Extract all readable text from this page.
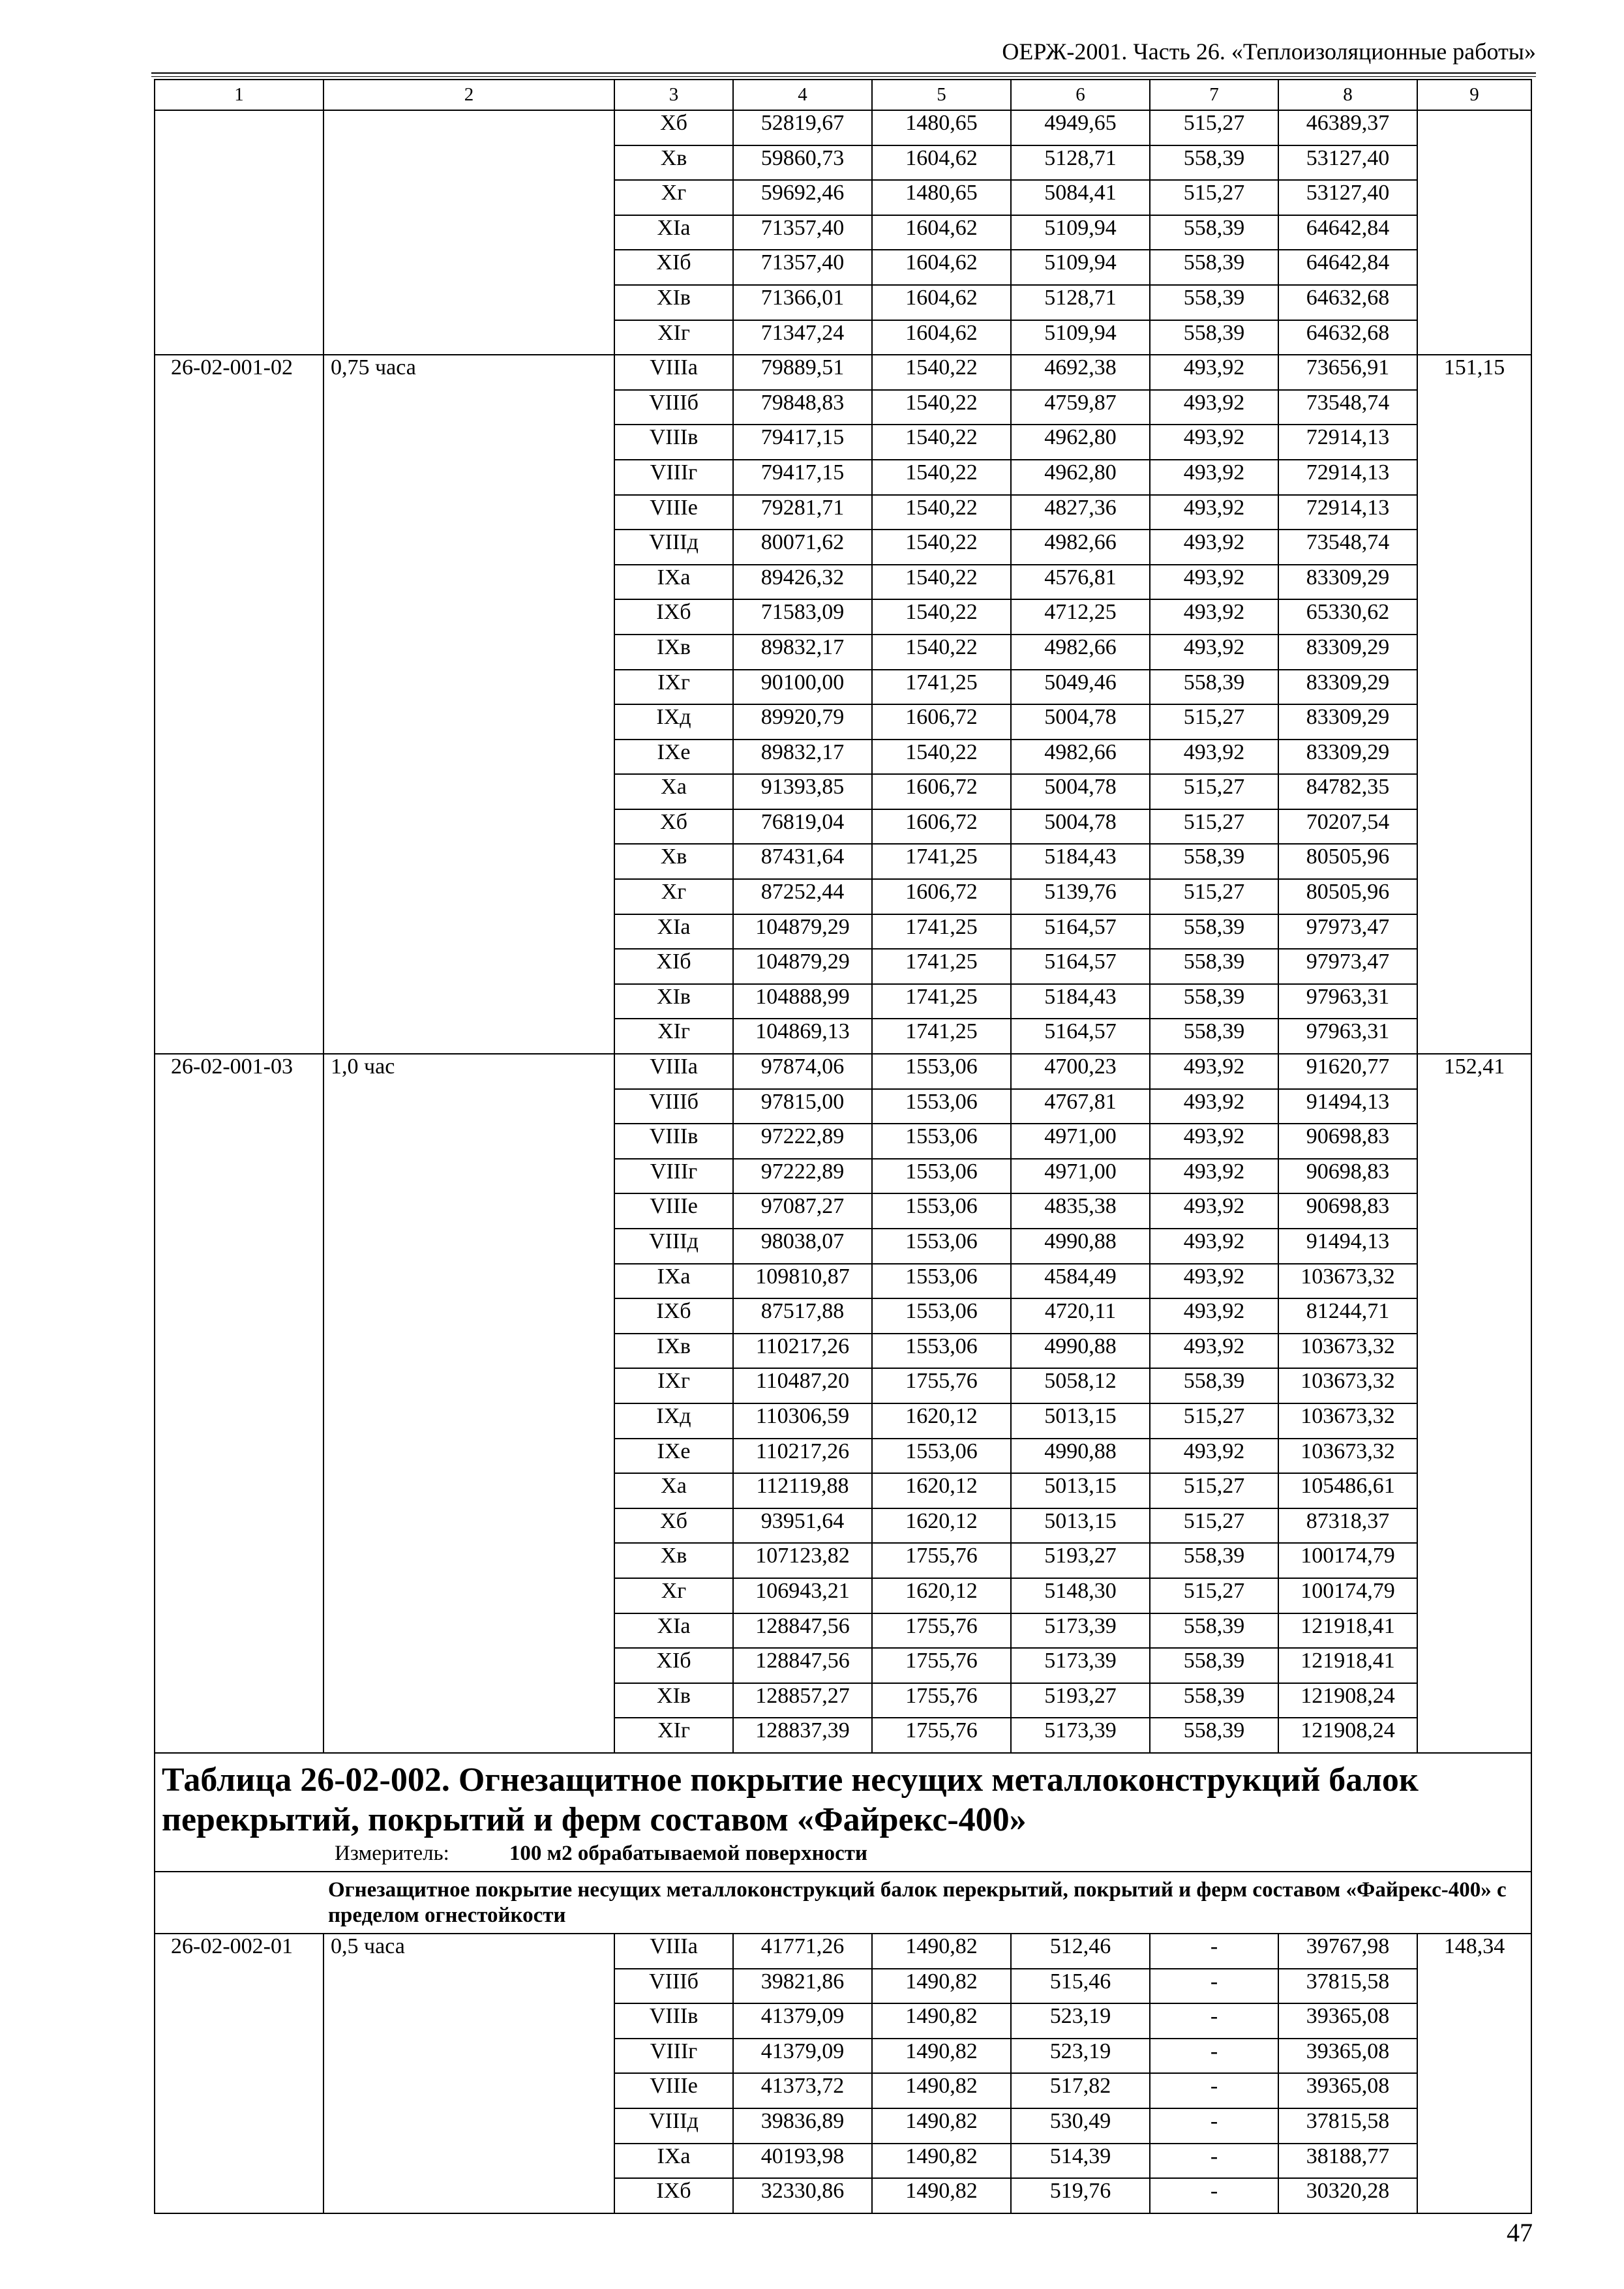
ОЕРЖ-2001. Часть 26. «Теплоизоляционные работы»
1	2	3	4	5	6	7	8	9
		Хб	52819,67	1480,65	4949,65	515,27	46389,37	
		Хв	59860,73	1604,62	5128,71	558,39	53127,40	
		Хг	59692,46	1480,65	5084,41	515,27	53127,40	
		ХIа	71357,40	1604,62	5109,94	558,39	64642,84	
		ХIб	71357,40	1604,62	5109,94	558,39	64642,84	
		ХIв	71366,01	1604,62	5128,71	558,39	64632,68	
		ХIг	71347,24	1604,62	5109,94	558,39	64632,68	
26-02-001-02	0,75 часа	VIIIа	79889,51	1540,22	4692,38	493,92	73656,91	151,15
		VIIIб	79848,83	1540,22	4759,87	493,92	73548,74	
		VIIIв	79417,15	1540,22	4962,80	493,92	72914,13	
		VIIIг	79417,15	1540,22	4962,80	493,92	72914,13	
		VIIIе	79281,71	1540,22	4827,36	493,92	72914,13	
		VIIIд	80071,62	1540,22	4982,66	493,92	73548,74	
		IХа	89426,32	1540,22	4576,81	493,92	83309,29	
		IХб	71583,09	1540,22	4712,25	493,92	65330,62	
		IХв	89832,17	1540,22	4982,66	493,92	83309,29	
		IХг	90100,00	1741,25	5049,46	558,39	83309,29	
		IХд	89920,79	1606,72	5004,78	515,27	83309,29	
		IХе	89832,17	1540,22	4982,66	493,92	83309,29	
		Ха	91393,85	1606,72	5004,78	515,27	84782,35	
		Хб	76819,04	1606,72	5004,78	515,27	70207,54	
		Хв	87431,64	1741,25	5184,43	558,39	80505,96	
		Хг	87252,44	1606,72	5139,76	515,27	80505,96	
		ХIа	104879,29	1741,25	5164,57	558,39	97973,47	
		ХIб	104879,29	1741,25	5164,57	558,39	97973,47	
		ХIв	104888,99	1741,25	5184,43	558,39	97963,31	
		ХIг	104869,13	1741,25	5164,57	558,39	97963,31	
26-02-001-03	1,0 час	VIIIа	97874,06	1553,06	4700,23	493,92	91620,77	152,41
		VIIIб	97815,00	1553,06	4767,81	493,92	91494,13	
		VIIIв	97222,89	1553,06	4971,00	493,92	90698,83	
		VIIIг	97222,89	1553,06	4971,00	493,92	90698,83	
		VIIIе	97087,27	1553,06	4835,38	493,92	90698,83	
		VIIIд	98038,07	1553,06	4990,88	493,92	91494,13	
		IХа	109810,87	1553,06	4584,49	493,92	103673,32	
		IХб	87517,88	1553,06	4720,11	493,92	81244,71	
		IХв	110217,26	1553,06	4990,88	493,92	103673,32	
		IХг	110487,20	1755,76	5058,12	558,39	103673,32	
		IХд	110306,59	1620,12	5013,15	515,27	103673,32	
		IХе	110217,26	1553,06	4990,88	493,92	103673,32	
		Ха	112119,88	1620,12	5013,15	515,27	105486,61	
		Хб	93951,64	1620,12	5013,15	515,27	87318,37	
		Хв	107123,82	1755,76	5193,27	558,39	100174,79	
		Хг	106943,21	1620,12	5148,30	515,27	100174,79	
		ХIа	128847,56	1755,76	5173,39	558,39	121918,41	
		ХIб	128847,56	1755,76	5173,39	558,39	121918,41	
		ХIв	128857,27	1755,76	5193,27	558,39	121908,24	
		ХIг	128837,39	1755,76	5173,39	558,39	121908,24	

Таблица 26-02-002. Огнезащитное покрытие несущих металлоконструкций балок перекрытий, покрытий и ферм составом «Файрекс-400»
Измеритель: 100 м2 обрабатываемой поверхности								

Огнезащитное покрытие несущих металлоконструкций балок перекрытий, покрытий и ферм составом «Файрекс-400» с пределом огнестойкости								

26-02-002-01	0,5 часа	VIIIа	41771,26	1490,82	512,46	-	39767,98	148,34
		VIIIб	39821,86	1490,82	515,46	-	37815,58	
		VIIIв	41379,09	1490,82	523,19	-	39365,08	
		VIIIг	41379,09	1490,82	523,19	-	39365,08	
		VIIIе	41373,72	1490,82	517,82	-	39365,08	
		VIIIд	39836,89	1490,82	530,49	-	37815,58	
		IХа	40193,98	1490,82	514,39	-	38188,77	
		IХб	32330,86	1490,82	519,76	-	30320,28	
47
